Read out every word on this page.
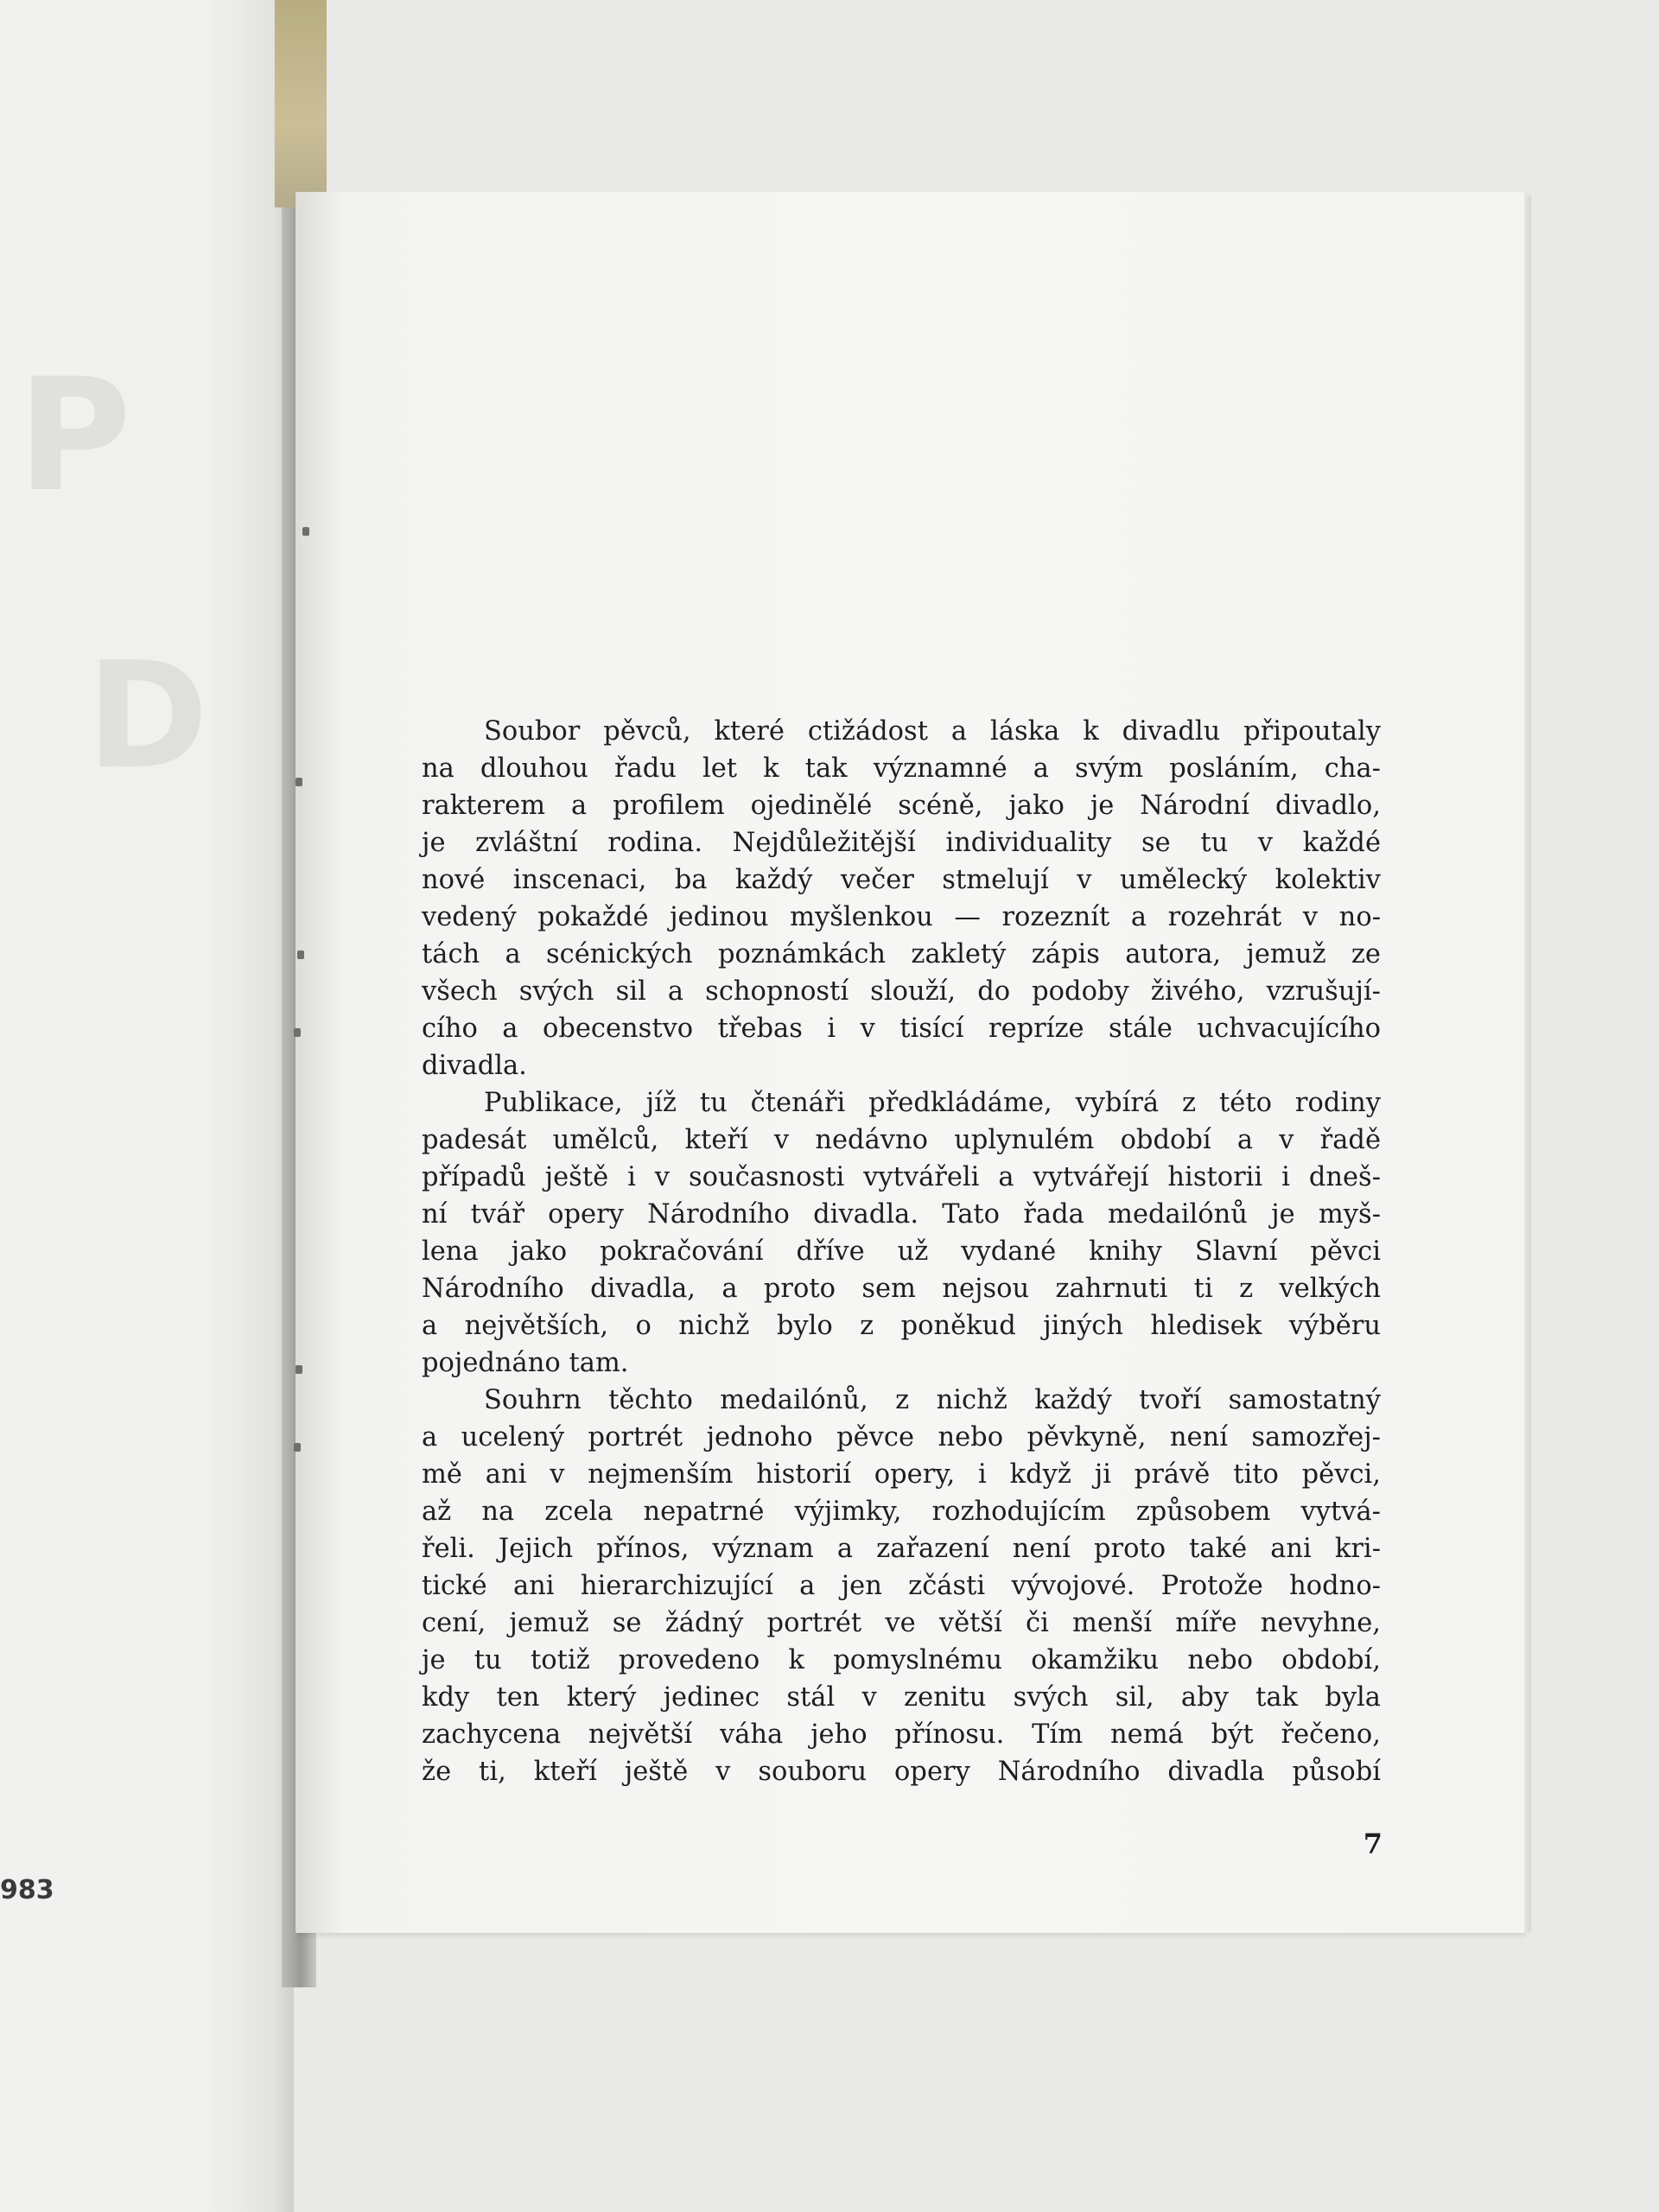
P
D
983

Soubor pěvců, které ctižádost a láska k divadlu připoutaly
na dlouhou řadu let k tak významné a svým posláním, cha-
rakterem a profilem ojedinělé scéně, jako je Národní divadlo,
je zvláštní rodina. Nejdůležitější individuality se tu v každé
nové inscenaci, ba každý večer stmelují v umělecký kolektiv
vedený pokaždé jedinou myšlenkou — rozeznít a rozehrát v no-
tách a scénických poznámkách zakletý zápis autora, jemuž ze
všech svých sil a schopností slouží, do podoby živého, vzrušují-
cího a obecenstvo třebas i v tisící repríze stále uchvacujícího
divadla.

Publikace, jíž tu čtenáři předkládáme, vybírá z této rodiny
padesát umělců, kteří v nedávno uplynulém období a v řadě
případů ještě i v současnosti vytvářeli a vytvářejí historii i dneš-
ní tvář opery Národního divadla. Tato řada medailónů je myš-
lena jako pokračování dříve už vydané knihy Slavní pěvci
Národního divadla, a proto sem nejsou zahrnuti ti z velkých
a největších, o nichž bylo z poněkud jiných hledisek výběru
pojednáno tam.

Souhrn těchto medailónů, z nichž každý tvoří samostatný
a ucelený portrét jednoho pěvce nebo pěvkyně, není samozřej-
mě ani v nejmenším historií opery, i když ji právě tito pěvci,
až na zcela nepatrné výjimky, rozhodujícím způsobem vytvá-
řeli. Jejich přínos, význam a zařazení není proto také ani kri-
tické ani hierarchizující a jen zčásti vývojové. Protože hodno-
cení, jemuž se žádný portrét ve větší či menší míře nevyhne,
je tu totiž provedeno k pomyslnému okamžiku nebo období,
kdy ten který jedinec stál v zenitu svých sil, aby tak byla
zachycena největší váha jeho přínosu. Tím nemá být řečeno,
že ti, kteří ještě v souboru opery Národního divadla působí

7
